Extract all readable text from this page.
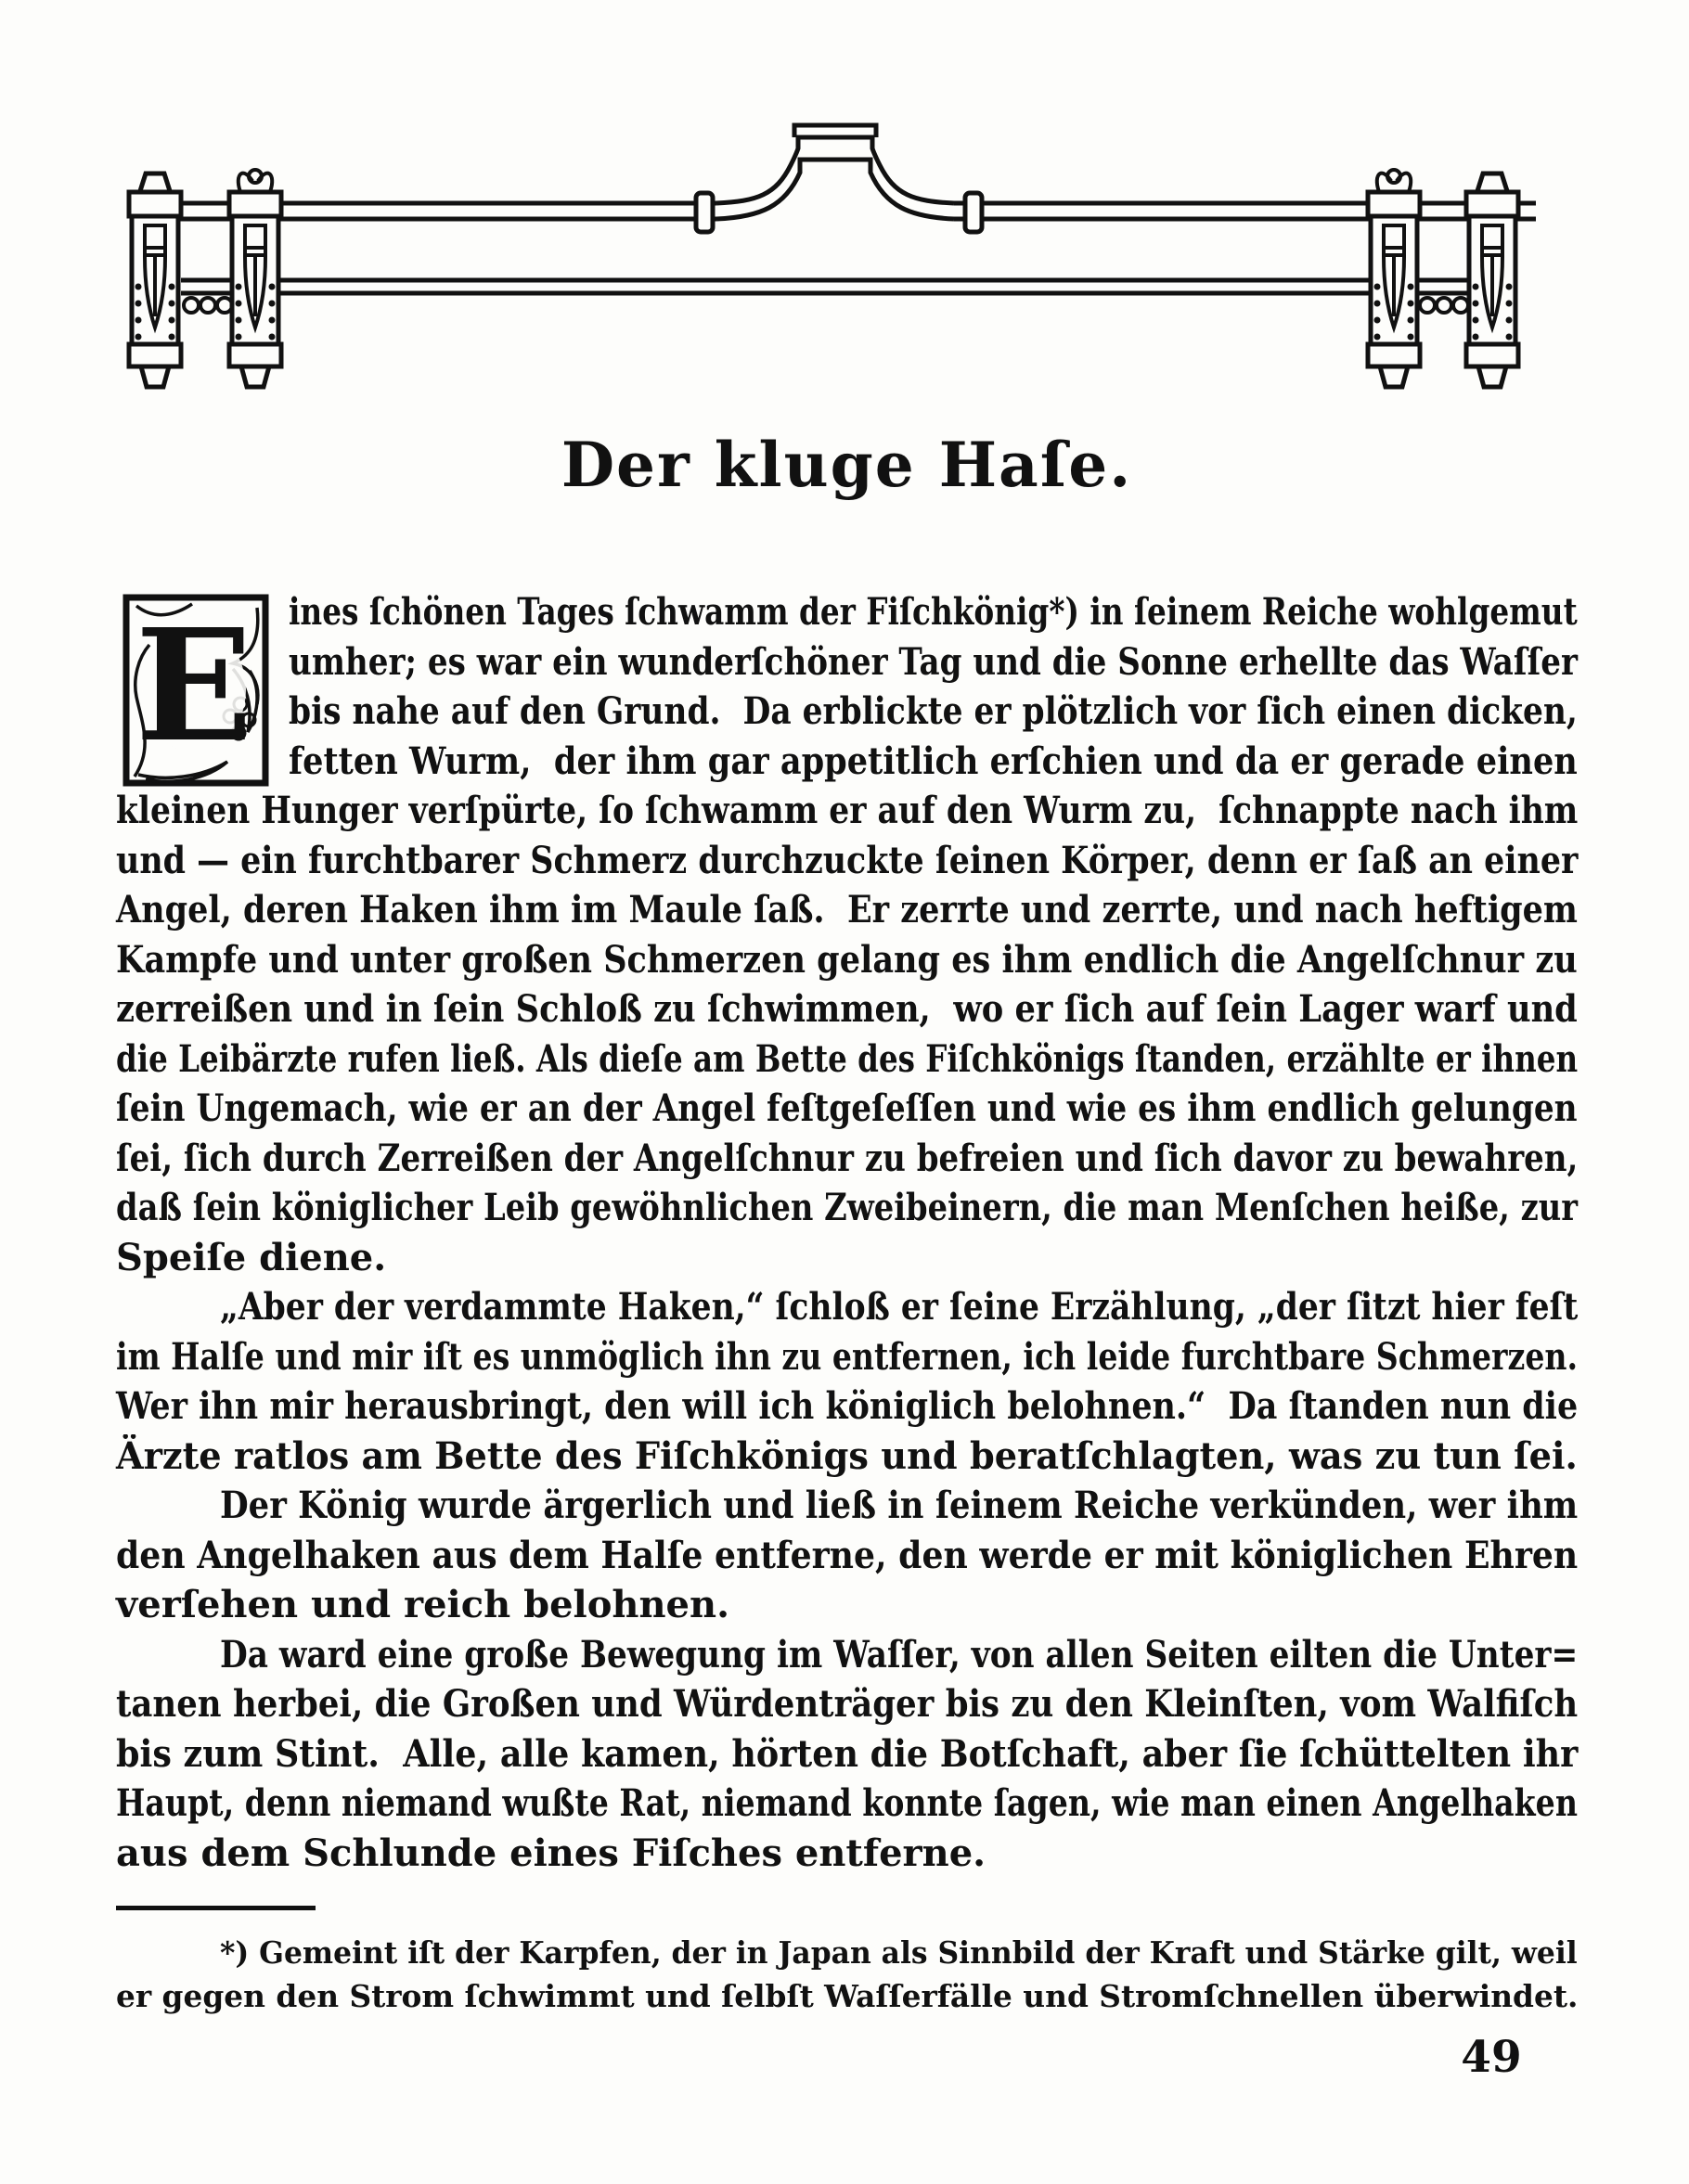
Der kluge Haſe.
E ines ſchönen Tages ſchwamm der Fiſchkönig*) in ſeinem Reiche wohlgemut
umher; es war ein wunderſchöner Tag und die Sonne erhellte das Waſſer
bis nahe auf den Grund.  Da erblickte er plötzlich vor ſich einen dicken,
fetten Wurm,  der ihm gar appetitlich erſchien und da er gerade einen
kleinen Hunger verſpürte, ſo ſchwamm er auf den Wurm zu,  ſchnappte nach ihm
und — ein furchtbarer Schmerz durchzuckte ſeinen Körper, denn er ſaß an einer
Angel, deren Haken ihm im Maule ſaß.  Er zerrte und zerrte, und nach heftigem
Kampfe und unter großen Schmerzen gelang es ihm endlich die Angelſchnur zu
zerreißen und in ſein Schloß zu ſchwimmen,  wo er ſich auf ſein Lager warf und
die Leibärzte rufen ließ. Als dieſe am Bette des Fiſchkönigs ſtanden, erzählte er ihnen
ſein Ungemach, wie er an der Angel feſtgeſeſſen und wie es ihm endlich gelungen
ſei, ſich durch Zerreißen der Angelſchnur zu befreien und ſich davor zu bewahren,
daß ſein königlicher Leib gewöhnlichen Zweibeinern, die man Menſchen heiße, zur
Speiſe diene.
„Aber der verdammte Haken,“ ſchloß er ſeine Erzählung, „der ſitzt hier feſt
im Halſe und mir iſt es unmöglich ihn zu entfernen, ich leide furchtbare Schmerzen.
Wer ihn mir herausbringt, den will ich königlich belohnen.“  Da ſtanden nun die
Ärzte ratlos am Bette des Fiſchkönigs und beratſchlagten, was zu tun ſei.
Der König wurde ärgerlich und ließ in ſeinem Reiche verkünden, wer ihm
den Angelhaken aus dem Halſe entferne, den werde er mit königlichen Ehren
verſehen und reich belohnen.
Da ward eine große Bewegung im Waſſer, von allen Seiten eilten die Unter=
tanen herbei, die Großen und Würdenträger bis zu den Kleinſten, vom Walfiſch
bis zum Stint.  Alle, alle kamen, hörten die Botſchaft, aber ſie ſchüttelten ihr
Haupt, denn niemand wußte Rat, niemand konnte ſagen, wie man einen Angelhaken
aus dem Schlunde eines Fiſches entferne.
*) Gemeint iſt der Karpfen, der in Japan als Sinnbild der Kraft und Stärke gilt, weil
er gegen den Strom ſchwimmt und ſelbſt Waſſerfälle und Stromſchnellen überwindet.
49
